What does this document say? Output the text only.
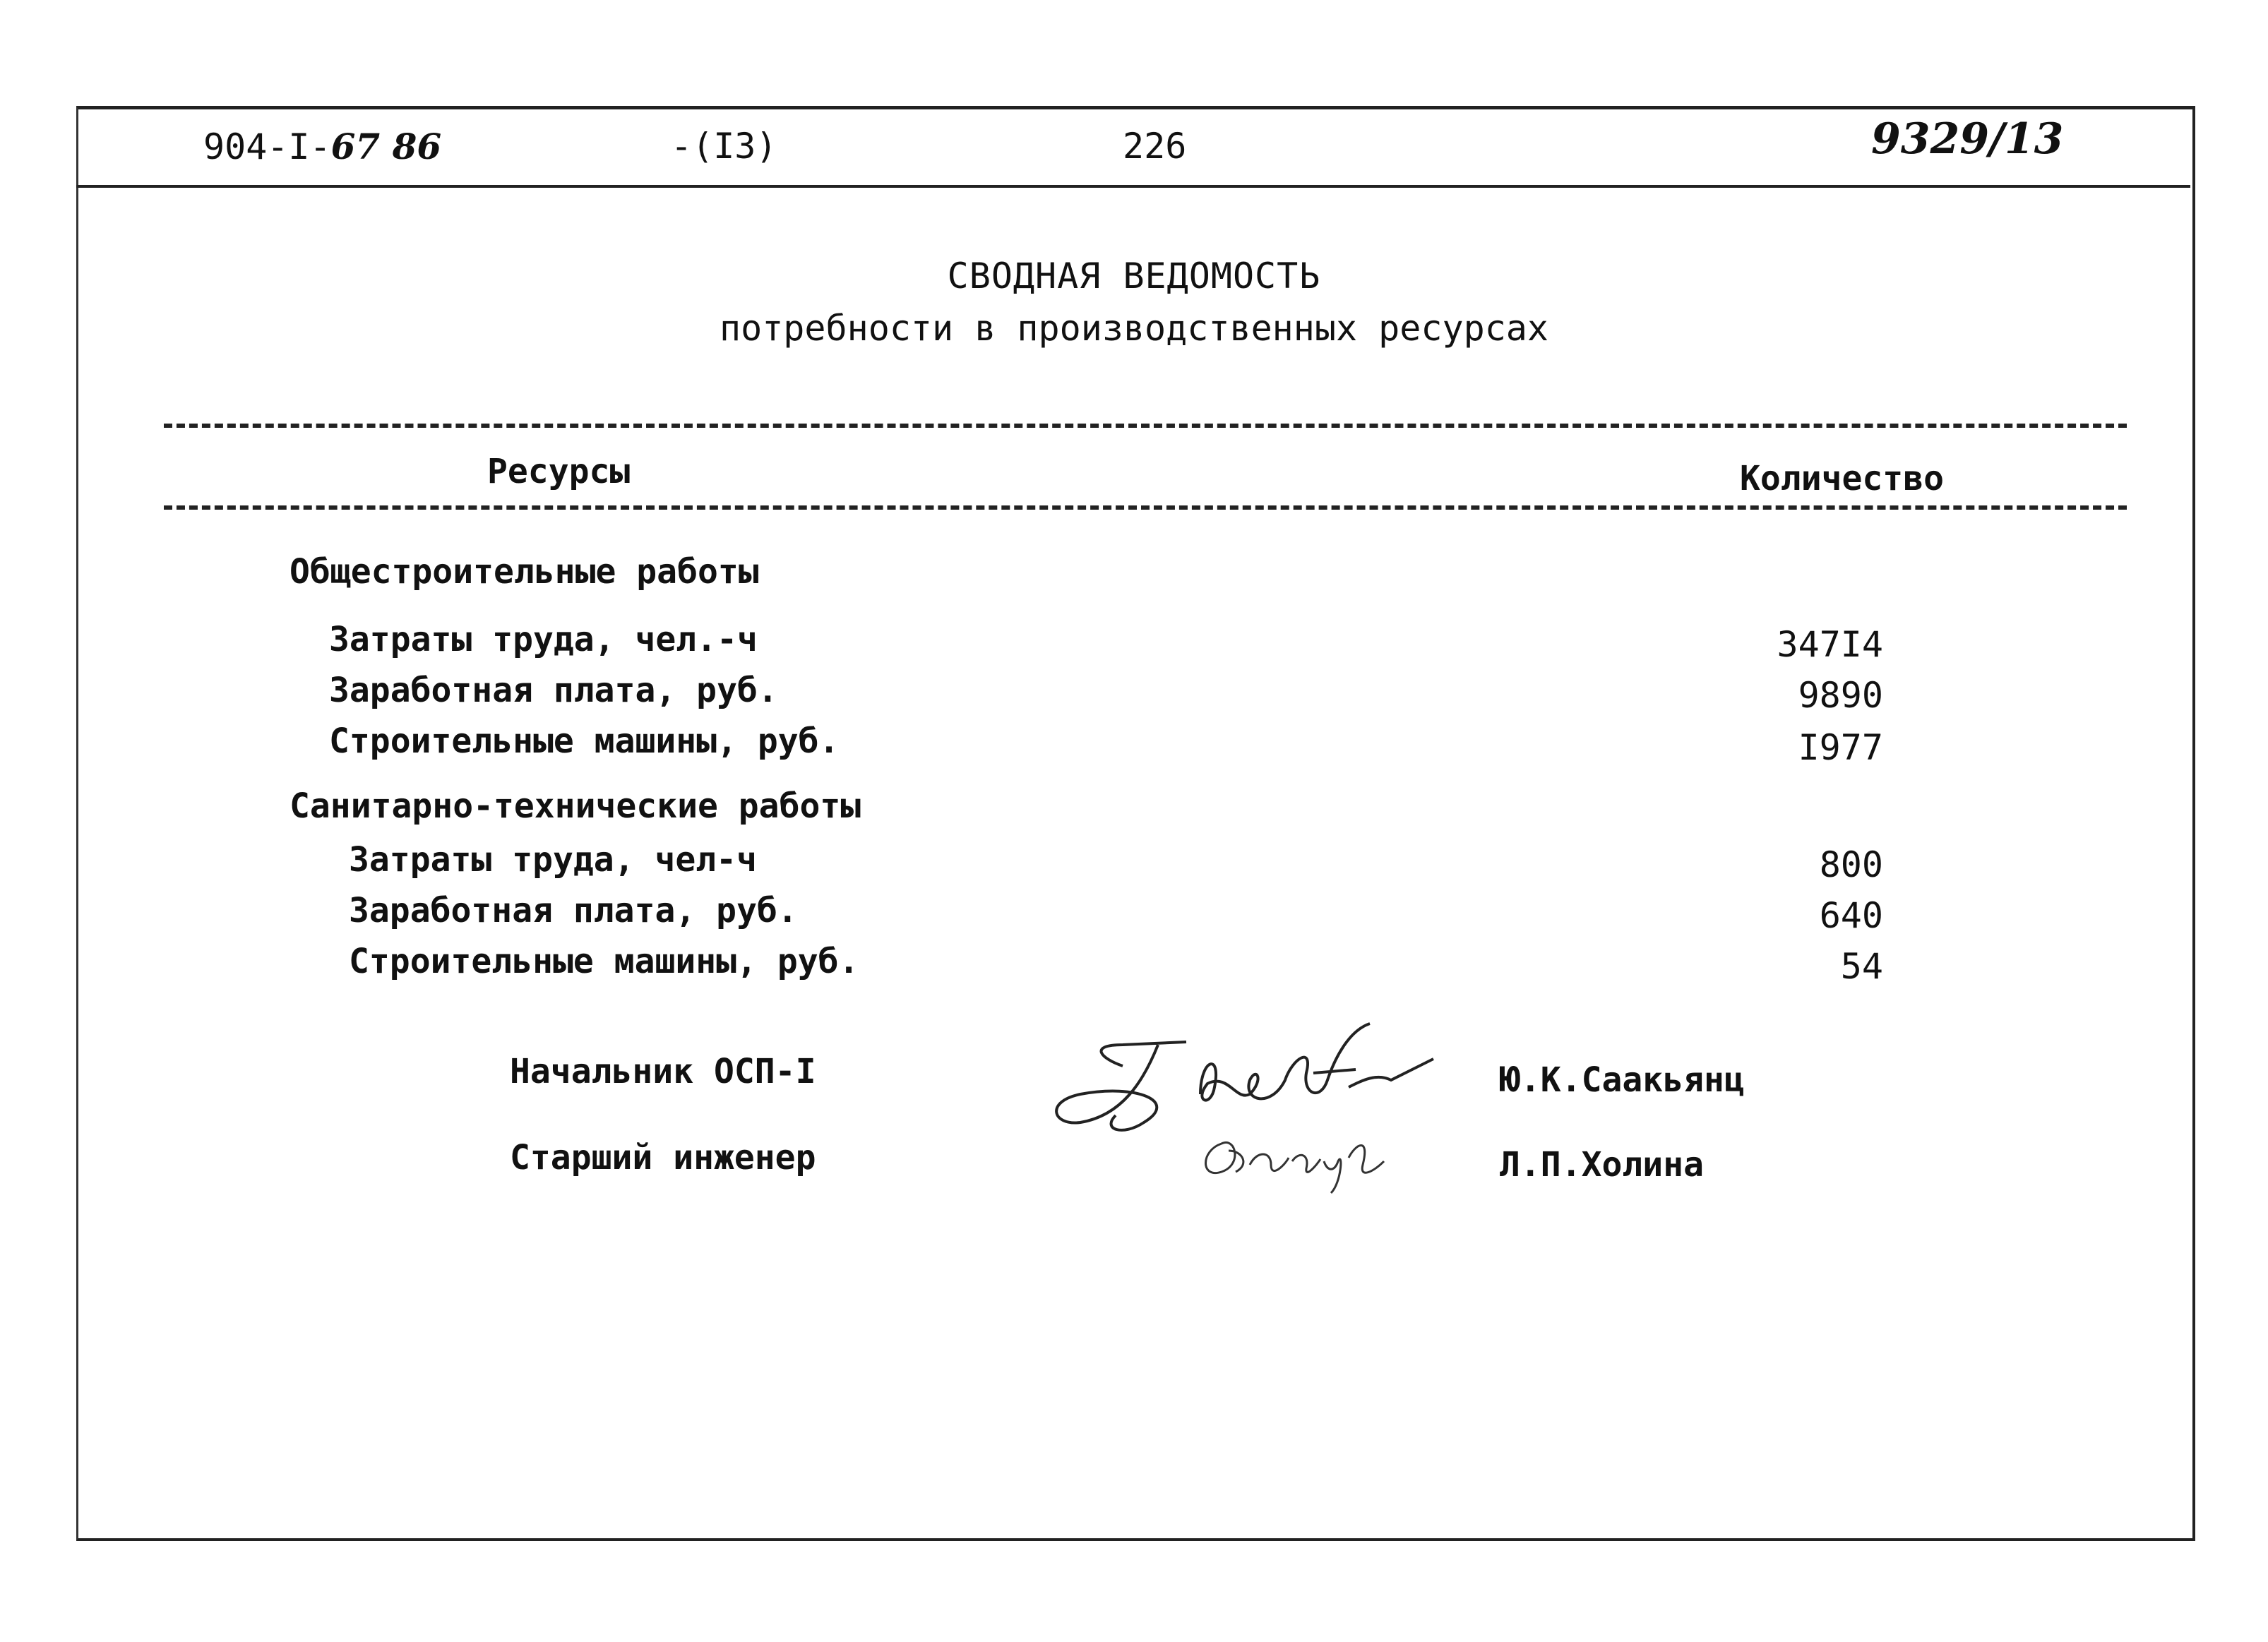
904-I-67 86	-(I3)	226	9329/13
СВОДНАЯ ВЕДОМОСТЬ
потребности в производственных ресурсах
Ресурсы	Количество
Общестроительные работы
Затраты труда, чел.-ч	347I4
Заработная плата, руб.	9890
Строительные машины, руб.	I977
Санитарно-технические работы
Затраты труда, чел-ч	800
Заработная плата, руб.	640
Строительные машины, руб.	54
Начальник ОСП-I	Ю.К.Саакьянц
Старший инженер	Л.П.Холина
